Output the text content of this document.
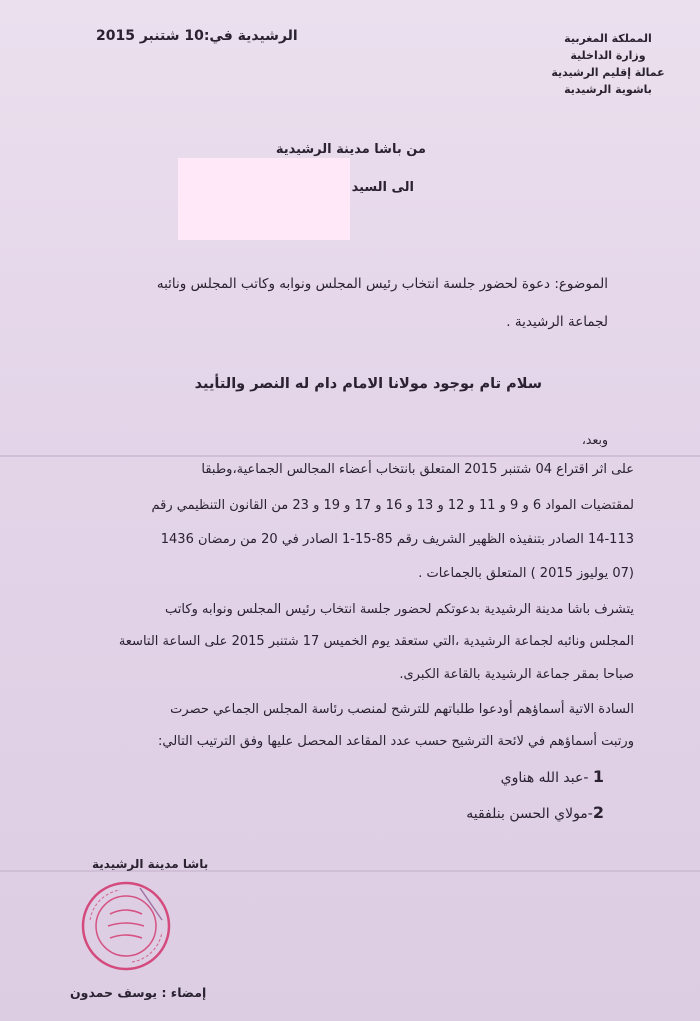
المملكة المغربية
وزارة الداخلية
عمالة إقليم الرشيدية
باشوية الرشيدية
الرشيدية في:10 شتنبر 2015
من باشا مدينة الرشيدية
الى السيد
الموضوع: دعوة لحضور جلسة انتخاب رئيس المجلس ونوابه وكاتب المجلس ونائبه
لجماعة الرشيدية .
سلام تام بوجود مولانا الامام دام له النصر والتأييد
وبعد،
على اثر اقتراع 04 شتنبر 2015 المتعلق بانتخاب أعضاء المجالس الجماعية،وطبقا
لمقتضيات المواد 6 و 9 و 11 و 12 و 13 و 16 و 17 و 19 و 23 من القانون التنظيمي رقم
14-113 الصادر بتنفيذه الظهير الشريف رقم 85-15-1 الصادر في 20 من رمضان 1436
(07 يوليوز 2015 ) المتعلق بالجماعات .
يتشرف باشا مدينة الرشيدية بدعوتكم لحضور جلسة انتخاب رئيس المجلس ونوابه وكاتب
المجلس ونائبه لجماعة الرشيدية ،التي ستعقد يوم الخميس 17 شتنبر 2015 على الساعة التاسعة
صباحا بمقر جماعة الرشيدية بالقاعة الكبرى.
السادة الاتية أسماؤهم أودعوا طلباتهم للترشح لمنصب رئاسة المجلس الجماعي حصرت
ورتبت أسماؤهم في لائحة الترشيح حسب عدد المقاعد المحصل عليها وفق الترتيب التالي:
1 -عبد الله هناوي
2-مولاي الحسن بنلفقيه
باشا مدينة الرشيدية
إمضاء : يوسف حمدون
